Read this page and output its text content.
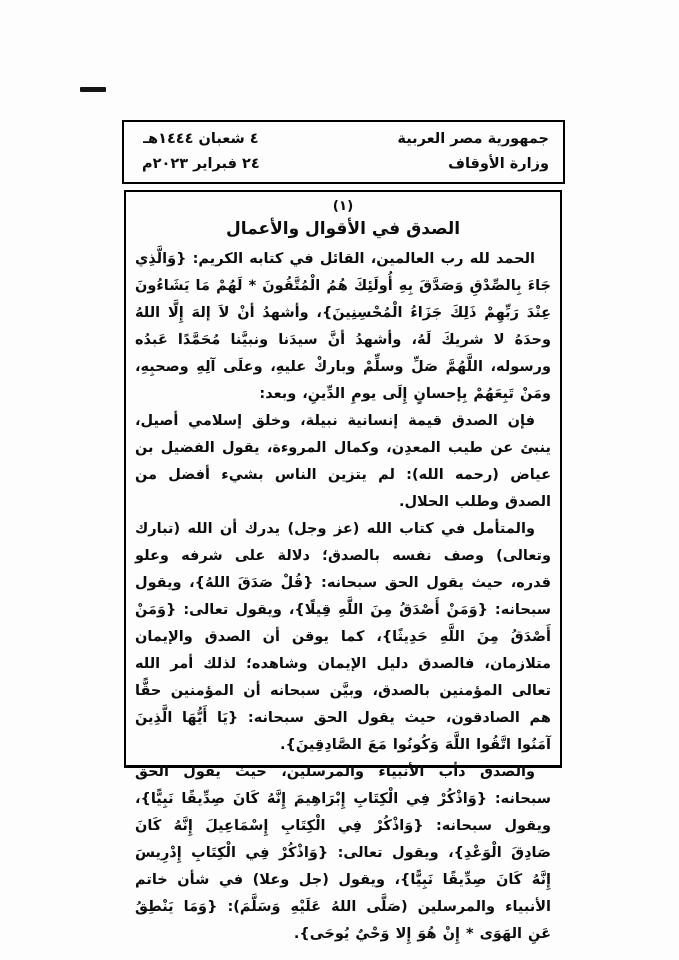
جمهورية مصر العربية
وزارة الأوقاف
٤ شعبان ١٤٤٤هـ
٢٤ فبراير ٢٠٢٣م
(١)
الصدق في الأقوال والأعمال

الحمد لله رب العالمين، القائل في كتابه الكريم: {وَالَّذِي جَاءَ بِالصِّدْقِ وَصَدَّقَ بِهِ أُولَئِكَ هُمُ الْمُتَّقُونَ * لَهُمْ مَا يَشَاءُونَ عِنْدَ رَبِّهِمْ ذَلِكَ جَزَاءُ الْمُحْسِنِينَ}، وأشهدُ أنْ لاَ إلهَ إِلَّا اللهُ وحدَهُ لا شريكَ لَهُ، وأشهدُ أنَّ سيدَنا ونبيَّنا مُحَمَّدًا عَبدُه ورسوله، اللَّهُمَّ صَلِّ وسلِّمْ وباركْ عليهِ، وعلَى آلِهِ وصحبِهِ، ومَنْ تَبِعَهُمْ بِإحسانٍ إِلَى يومِ الدِّينِ، وبعد:

فإن الصدق قيمة إنسانية نبيلة، وخلق إسلامي أصيل، ينبئ عن طيب المعدِن، وكمال المروءة، يقول الفضيل بن عياض (رحمه الله): لم يتزين الناس بشيء أفضل من الصدق وطلب الحلال.

والمتأمل في كتاب الله (عز وجل) يدرك أن الله (تبارك وتعالى) وصف نفسه بالصدق؛ دلالة على شرفه وعلو قدره، حيث يقول الحق سبحانه: {قُلْ صَدَقَ اللهُ}، ويقول سبحانه: {وَمَنْ أَصْدَقُ مِنَ اللَّهِ قِيلًا}، ويقول تعالى: {وَمَنْ أَصْدَقُ مِنَ اللَّهِ حَدِيثًا}، كما يوقن أن الصدق والإيمان متلازمان، فالصدق دليل الإيمان وشاهده؛ لذلك أمر الله تعالى المؤمنين بالصدق، وبيَّن سبحانه أن المؤمنين حقًّا هم الصادقون، حيث يقول الحق سبحانه: {يَا أَيُّهَا الَّذِينَ آمَنُوا اتَّقُوا اللَّهَ وَكُونُوا مَعَ الصَّادِقِينَ}.

والصدق دأب الأنبياء والمرسلين، حيث يقول الحق سبحانه: {وَاذْكُرْ فِي الْكِتَابِ إِبْرَاهِيمَ إِنَّهُ كَانَ صِدِّيقًا نَبِيًّا}، ويقول سبحانه: {وَاذْكُرْ فِي الْكِتَابِ إِسْمَاعِيلَ إِنَّهُ كَانَ صَادِقَ الْوَعْدِ}، ويقول تعالى: {وَاذْكُرْ فِي الْكِتَابِ إِدْرِيسَ إِنَّهُ كَانَ صِدِّيقًا نَبِيًّا}، ويقول (جل وعلا) في شأن خاتم الأنبياء والمرسلين (صَلَّى اللهُ عَلَيْهِ وَسَلَّمَ): {وَمَا يَنْطِقُ عَنِ الهَوَى * إِنْ هُوَ إِلا وَحْيٌ يُوحَى}.
